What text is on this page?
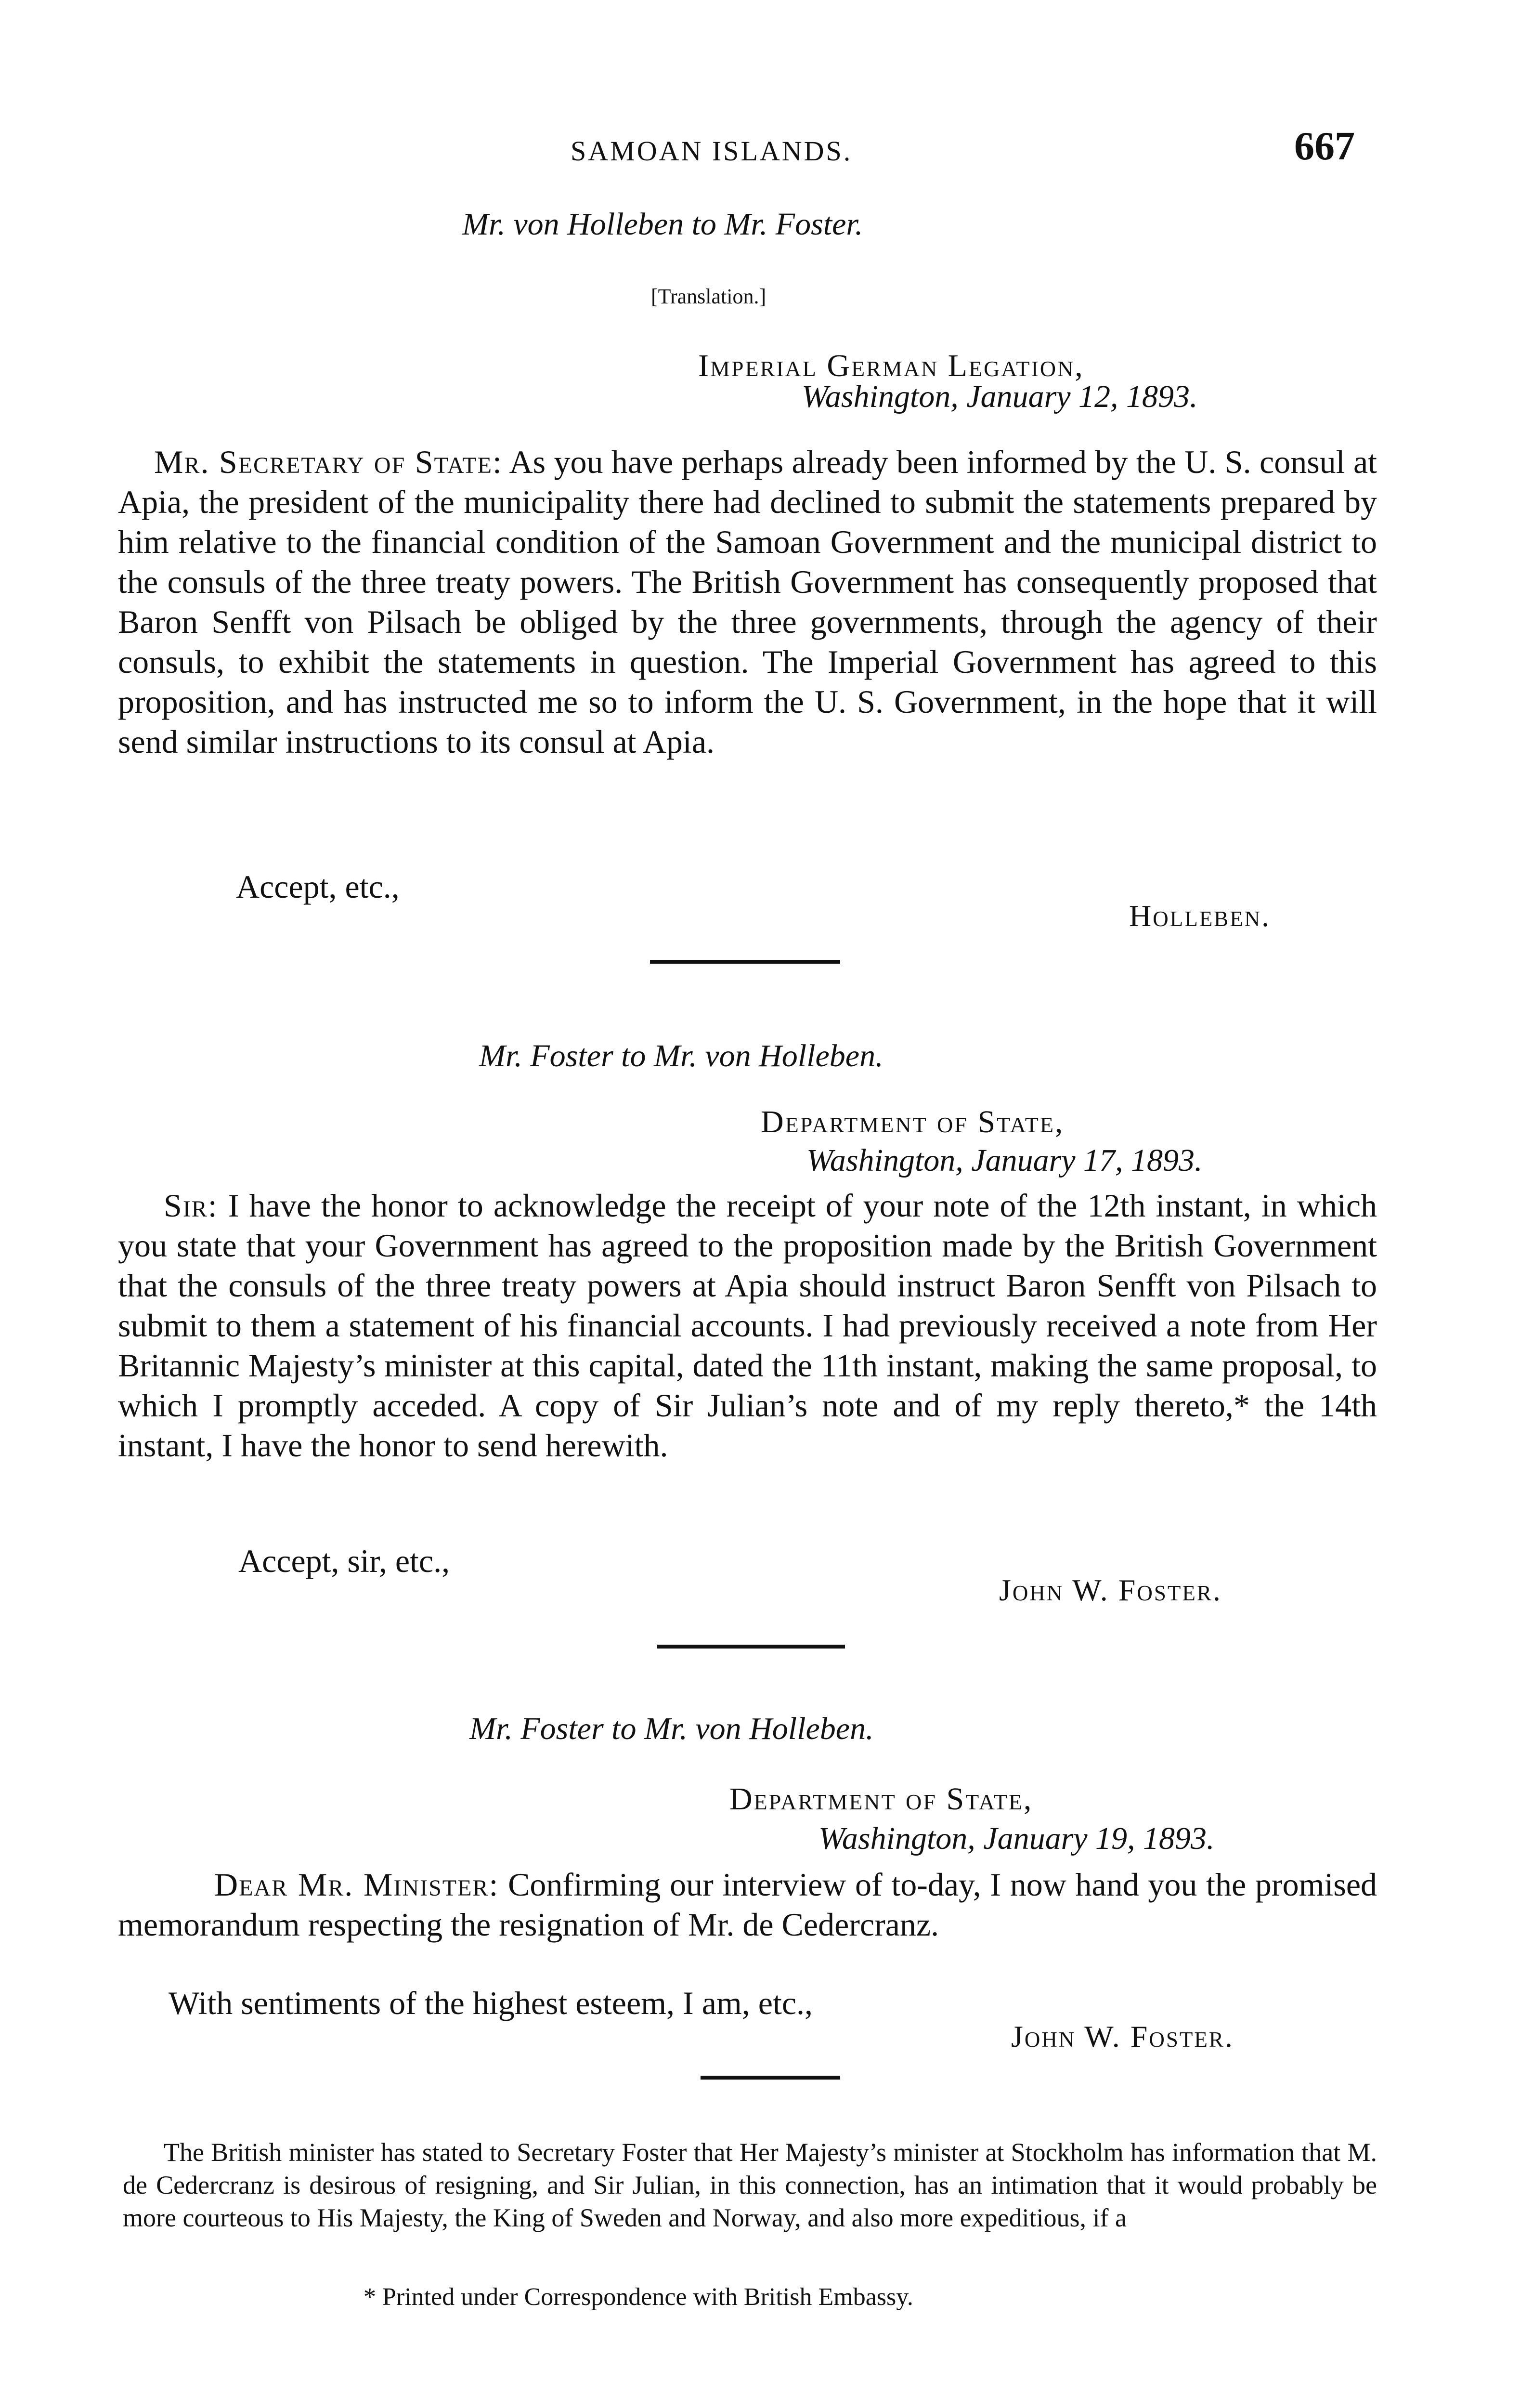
SAMOAN ISLANDS.	667
Mr. von Holleben to Mr. Foster.
[Translation.]
Imperial German Legation,
Washington, January 12, 1893.
Mr. Secretary of State: As you have perhaps already been informed by the U. S. consul at Apia, the president of the municipality there had declined to submit the statements prepared by him relative to the financial condition of the Samoan Government and the municipal district to the consuls of the three treaty powers. The British Government has consequently proposed that Baron Senfft von Pilsach be obliged by the three governments, through the agency of their consuls, to exhibit the statements in question. The Imperial Government has agreed to this proposition, and has instructed me so to inform the U. S. Government, in the hope that it will send similar instructions to its consul at Apia.
Accept, etc.,
Holleben.
Mr. Foster to Mr. von Holleben.
Department of State,
Washington, January 17, 1893.
Sir: I have the honor to acknowledge the receipt of your note of the 12th instant, in which you state that your Government has agreed to the proposition made by the British Government that the consuls of the three treaty powers at Apia should instruct Baron Senfft von Pilsach to submit to them a statement of his financial accounts. I had previously received a note from Her Britannic Majesty’s minister at this capital, dated the 11th instant, making the same proposal, to which I promptly acceded. A copy of Sir Julian’s note and of my reply thereto,* the 14th instant, I have the honor to send herewith.
Accept, sir, etc.,
John W. Foster.
Mr. Foster to Mr. von Holleben.
Department of State,
Washington, January 19, 1893.
Dear Mr. Minister: Confirming our interview of to-day, I now hand you the promised memorandum respecting the resignation of Mr. de Cedercranz.
With sentiments of the highest esteem, I am, etc.,
John W. Foster.
The British minister has stated to Secretary Foster that Her Majesty’s minister at Stockholm has information that M. de Cedercranz is desirous of resigning, and Sir Julian, in this connection, has an intimation that it would probably be more courteous to His Majesty, the King of Sweden and Norway, and also more expeditious, if a
* Printed under Correspondence with British Embassy.
